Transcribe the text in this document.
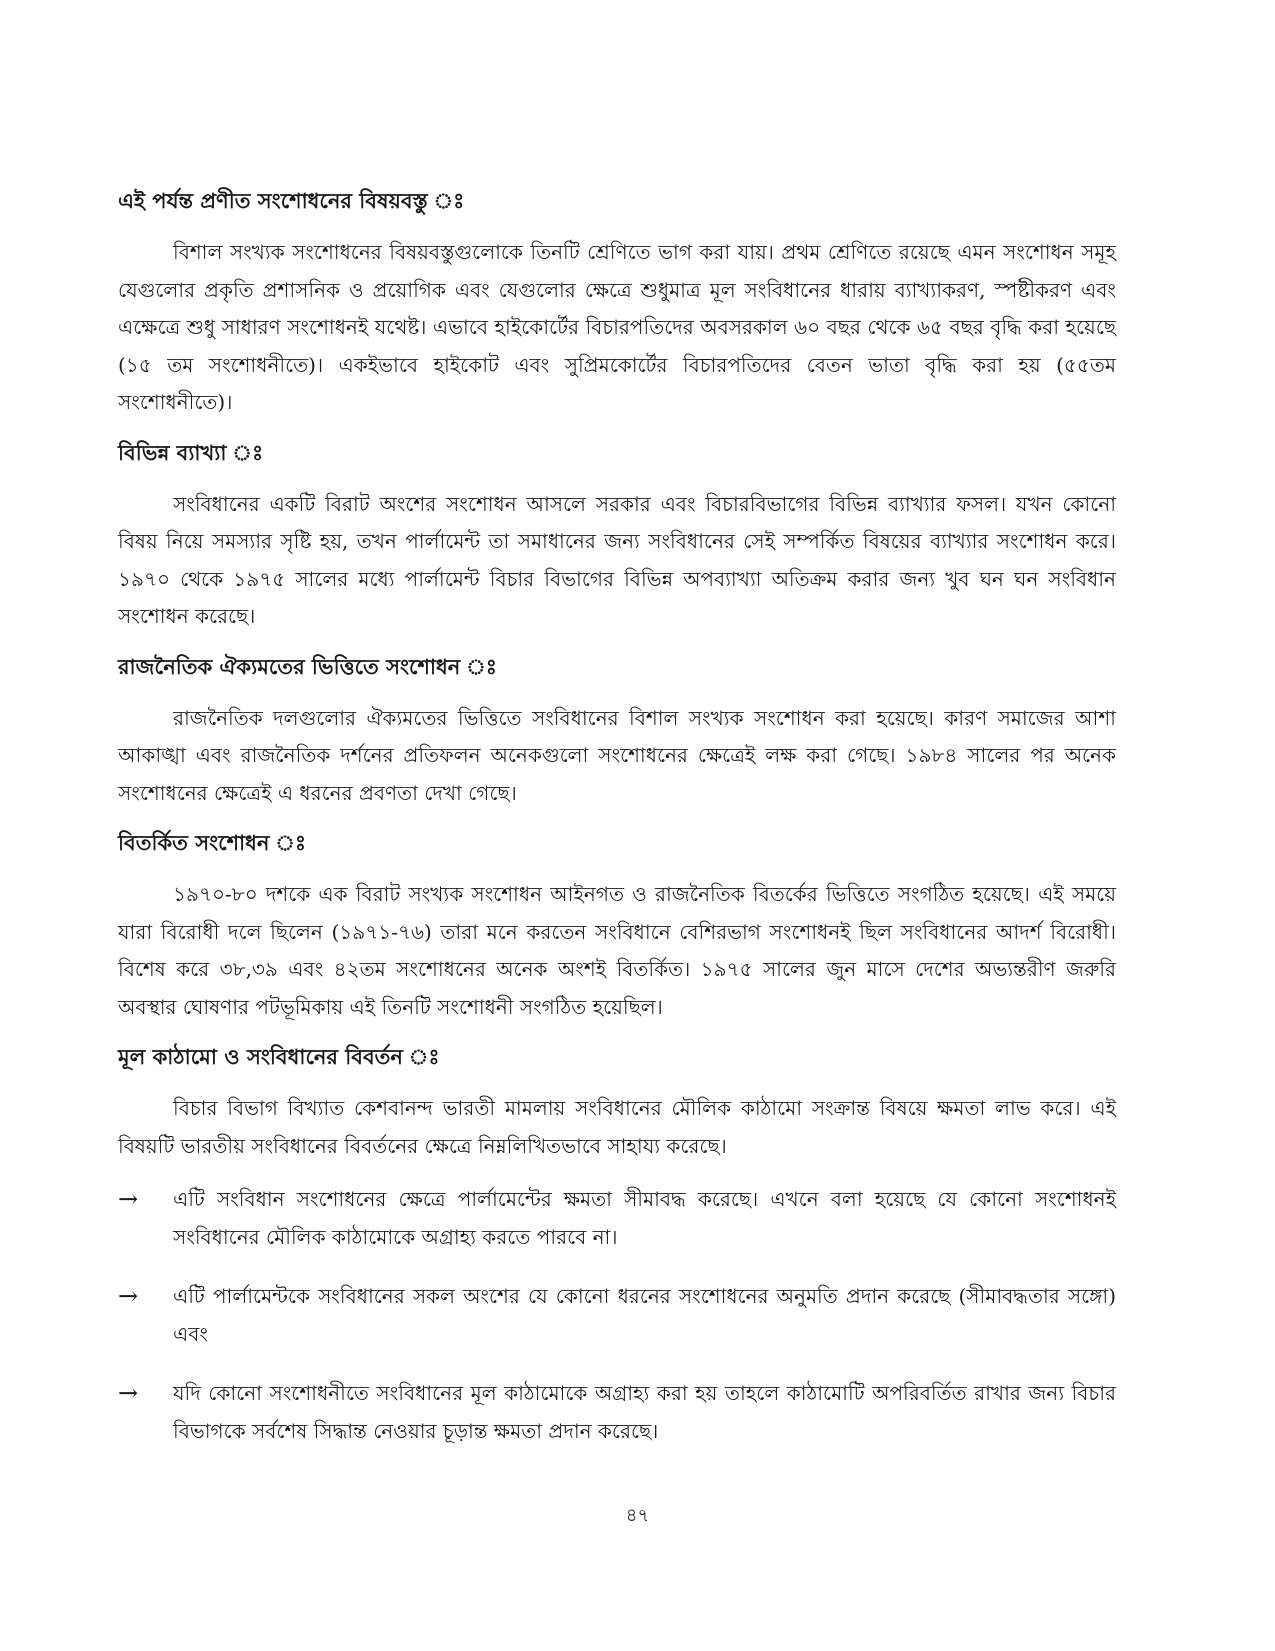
এই পর্যন্ত প্রণীত সংশোধনের বিষয়বস্তু ঃ

বিশাল সংখ্যক সংশোধনের বিষয়বস্তুগুলোকে তিনটি শ্রেণিতে ভাগ করা যায়। প্রথম শ্রেণিতে রয়েছে এমন সংশোধন সমূহ যেগুলোর প্রকৃতি প্রশাসনিক ও প্রয়োগিক এবং যেগুলোর ক্ষেত্রে শুধুমাত্র মূল সংবিধানের ধারায় ব্যাখ্যাকরণ, স্পষ্টীকরণ এবং এক্ষেত্রে শুধু সাধারণ সংশোধনই যথেষ্ট। এভাবে হাইকোর্টের বিচারপতিদের অবসরকাল ৬০ বছর থেকে ৬৫ বছর বৃদ্ধি করা হয়েছে (১৫ তম সংশোধনীতে)। একইভাবে হাইকোট এবং সুপ্রিমকোর্টের বিচারপতিদের বেতন ভাতা বৃদ্ধি করা হয় (৫৫তম সংশোধনীতে)।

বিভিন্ন ব্যাখ্যা ঃ

সংবিধানের একটি বিরাট অংশের সংশোধন আসলে সরকার এবং বিচারবিভাগের বিভিন্ন ব্যাখ্যার ফসল। যখন কোনো বিষয় নিয়ে সমস্যার সৃষ্টি হয়, তখন পার্লামেন্ট তা সমাধানের জন্য সংবিধানের সেই সম্পর্কিত বিষয়ের ব্যাখ্যার সংশোধন করে। ১৯৭০ থেকে ১৯৭৫ সালের মধ্যে পার্লামেন্ট বিচার বিভাগের বিভিন্ন অপব্যাখ্যা অতিক্রম করার জন্য খুব ঘন ঘন সংবিধান সংশোধন করেছে।

রাজনৈতিক ঐক্যমতের ভিত্তিতে সংশোধন ঃ

রাজনৈতিক দলগুলোর ঐক্যমতের ভিত্তিতে সংবিধানের বিশাল সংখ্যক সংশোধন করা হয়েছে। কারণ সমাজের আশা আকাঙ্খা এবং রাজনৈতিক দর্শনের প্রতিফলন অনেকগুলো সংশোধনের ক্ষেত্রেই লক্ষ করা গেছে। ১৯৮৪ সালের পর অনেক সংশোধনের ক্ষেত্রেই এ ধরনের প্রবণতা দেখা গেছে।

বিতর্কিত সংশোধন ঃ

১৯৭০-৮০ দশকে এক বিরাট সংখ্যক সংশোধন আইনগত ও রাজনৈতিক বিতর্কের ভিত্তিতে সংগঠিত হয়েছে। এই সময়ে যারা বিরোধী দলে ছিলেন (১৯৭১-৭৬) তারা মনে করতেন সংবিধানে বেশিরভাগ সংশোধনই ছিল সংবিধানের আদর্শ বিরোধী। বিশেষ করে ৩৮,৩৯ এবং ৪২তম সংশোধনের অনেক অংশই বিতর্কিত। ১৯৭৫ সালের জুন মাসে দেশের অভ্যন্তরীণ জরুরি অবস্থার ঘোষণার পটভূমিকায় এই তিনটি সংশোধনী সংগঠিত হয়েছিল।

মূল কাঠামো ও সংবিধানের বিবর্তন ঃ

বিচার বিভাগ বিখ্যাত কেশবানন্দ ভারতী মামলায় সংবিধানের মৌলিক কাঠামো সংক্রান্ত বিষয়ে ক্ষমতা লাভ করে। এই বিষয়টি ভারতীয় সংবিধানের বিবর্তনের ক্ষেত্রে নিম্নলিখিতভাবে সাহায্য করেছে।

→	এটি সংবিধান সংশোধনের ক্ষেত্রে পার্লামেন্টের ক্ষমতা সীমাবদ্ধ করেছে। এখনে বলা হয়েছে যে কোনো সংশোধনই সংবিধানের মৌলিক কাঠামোকে অগ্রাহ্য করতে পারবে না।
→	এটি পার্লামেন্টকে সংবিধানের সকল অংশের যে কোনো ধরনের সংশোধনের অনুমতি প্রদান করেছে (সীমাবদ্ধতার সঙ্গো) এবং
→	যদি কোনো সংশোধনীতে সংবিধানের মূল কাঠামোকে অগ্রাহ্য করা হয় তাহলে কাঠামোটি অপরিবর্তিত রাখার জন্য বিচার বিভাগকে সর্বশেষ সিদ্ধান্ত নেওয়ার চূড়ান্ত ক্ষমতা প্রদান করেছে।
৪৭
